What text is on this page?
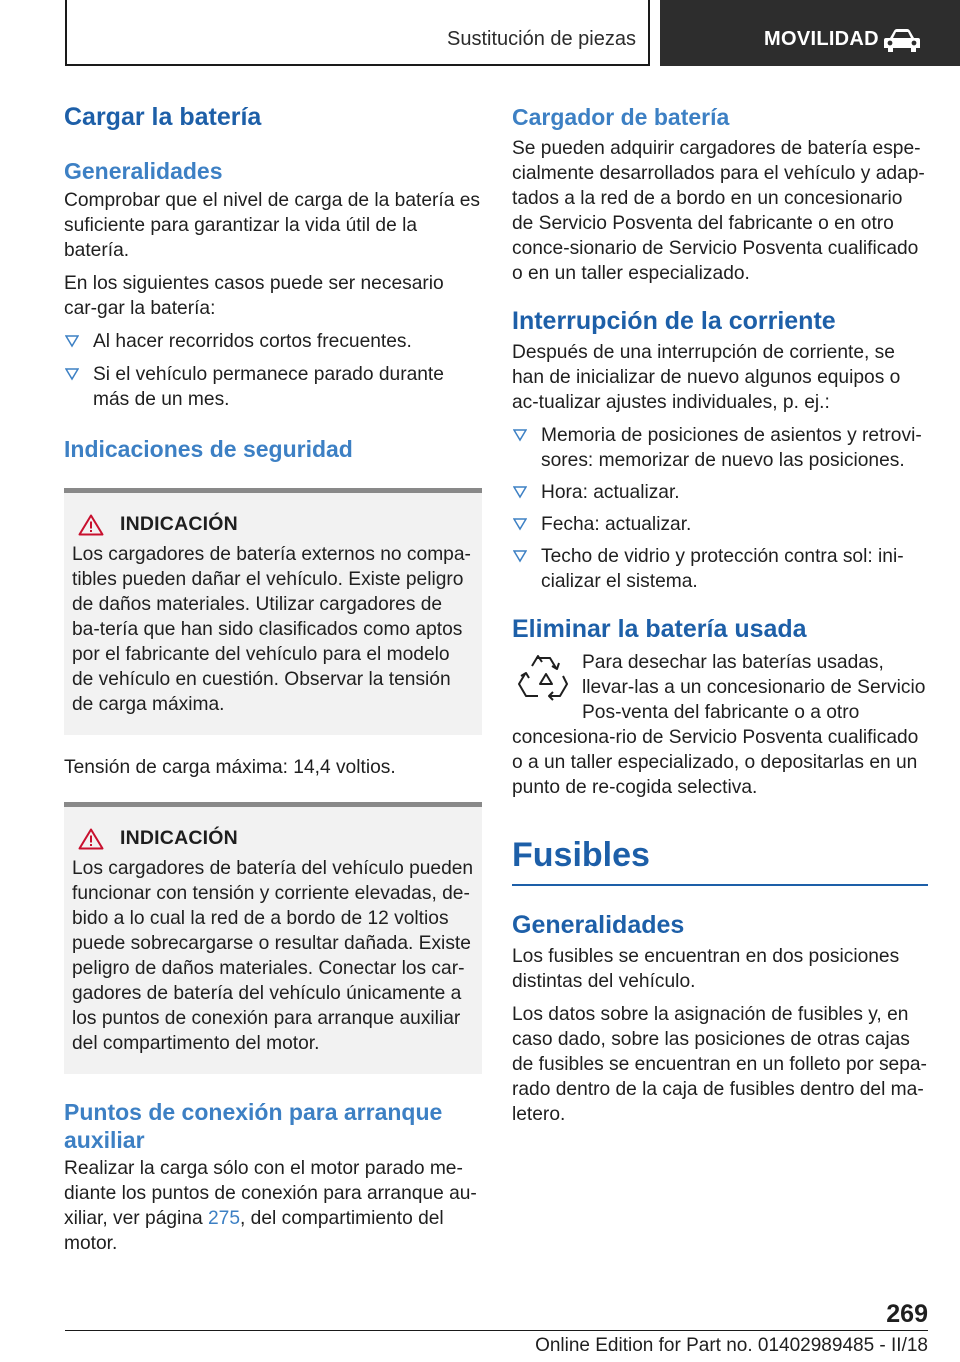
Sustitución de piezas	MOVILIDAD
Cargar la batería
Generalidades

Comprobar que el nivel de carga de la batería es suficiente para garantizar la vida útil de la batería.

En los siguientes casos puede ser necesario car-gar la batería:

Al hacer recorridos cortos frecuentes.
Si el vehículo permanece parado durante más de un mes.
Indicaciones de seguridad
INDICACIÓN

Los cargadores de batería externos no compa-tibles pueden dañar el vehículo. Existe peligro de daños materiales. Utilizar cargadores de ba-tería que han sido clasificados como aptos por el fabricante del vehículo para el modelo de vehículo en cuestión. Observar la tensión de carga máxima.

Tensión de carga máxima: 14,4 voltios.

INDICACIÓN

Los cargadores de batería del vehículo pueden funcionar con tensión y corriente elevadas, de-bido a lo cual la red de a bordo de 12 voltios puede sobrecargarse o resultar dañada. Existe peligro de daños materiales. Conectar los car-gadores de batería del vehículo únicamente a los puntos de conexión para arranque auxiliar del compartimento del motor.

Puntos de conexión para arranque auxiliar

Realizar la carga sólo con el motor parado me-diante los puntos de conexión para arranque au-xiliar, ver página 275, del compartimiento del motor.

Cargador de batería

Se pueden adquirir cargadores de batería espe-cialmente desarrollados para el vehículo y adap-tados a la red de a bordo en un concesionario de Servicio Posventa del fabricante o en otro conce-sionario de Servicio Posventa cualificado o en un taller especializado.

Interrupción de la corriente

Después de una interrupción de corriente, se han de inicializar de nuevo algunos equipos o ac-tualizar ajustes individuales, p. ej.:

Memoria de posiciones de asientos y retrovi-sores: memorizar de nuevo las posiciones.
Hora: actualizar.
Fecha: actualizar.
Techo de vidrio y protección contra sol: ini-cializar el sistema.
Eliminar la batería usada

Para desechar las baterías usadas, llevar-las a un concesionario de Servicio Pos-venta del fabricante o a otro concesiona-rio de Servicio Posventa cualificado o a un taller especializado, o depositarlas en un punto de re-cogida selectiva.

Fusibles
Generalidades

Los fusibles se encuentran en dos posiciones distintas del vehículo.

Los datos sobre la asignación de fusibles y, en caso dado, sobre las posiciones de otras cajas de fusibles se encuentran en un folleto por sepa-rado dentro de la caja de fusibles dentro del ma-letero.

269
Online Edition for Part no. 01402989485 - II/18
